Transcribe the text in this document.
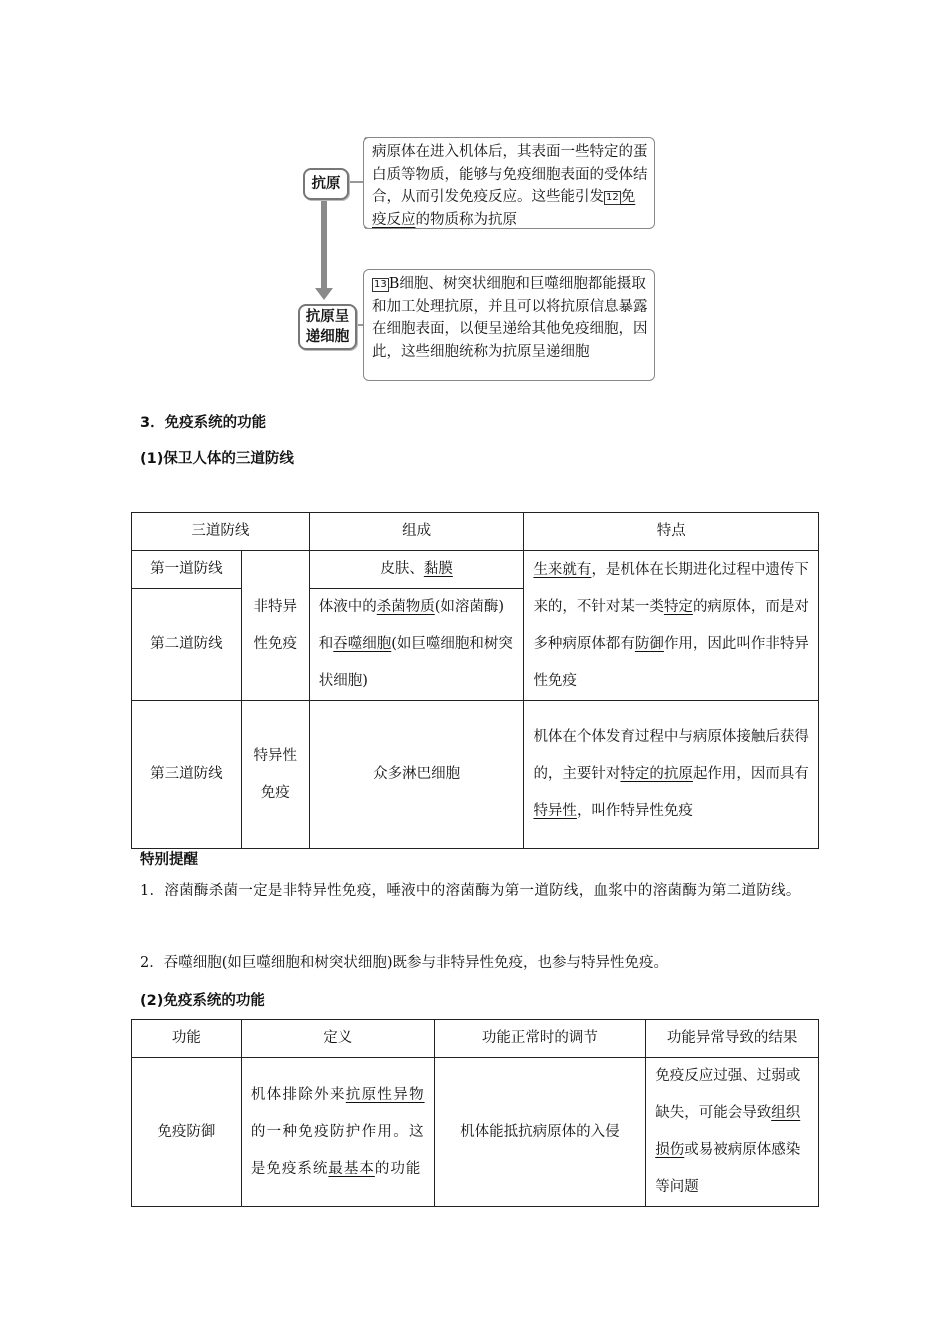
抗原
病原体在进入机体后，其表面一些特定的蛋白质等物质，能够与免疫细胞表面的受体结合，从而引发免疫反应。这些能引发 12 免疫反应的物质称为抗原
抗原呈
递细胞
13 B细胞、树突状细胞和巨噬细胞都能摄取和加工处理抗原，并且可以将抗原信息暴露在细胞表面，以便呈递给其他免疫细胞，因此，这些细胞统称为抗原呈递细胞
3．免疫系统的功能
(1)保卫人体的三道防线
三道防线		组成	特点
第一道防线	非特异性免疫	皮肤、黏膜	生来就有，是机体在长期进化过程中遗传下来的，不针对某一类特定的病原体，而是对多种病原体都有防御作用，因此叫作非特异性免疫
第二道防线		体液中的杀菌物质(如溶菌酶)和吞噬细胞(如巨噬细胞和树突状细胞)	
第三道防线	特异性免疫	众多淋巴细胞	机体在个体发育过程中与病原体接触后获得的，主要针对特定的抗原起作用，因而具有特异性，叫作特异性免疫
特别提醒
1．溶菌酶杀菌一定是非特异性免疫，唾液中的溶菌酶为第一道防线，血浆中的溶菌酶为第二道防线。
2．吞噬细胞(如巨噬细胞和树突状细胞)既参与非特异性免疫，也参与特异性免疫。
(2)免疫系统的功能
功能	定义	功能正常时的调节	功能异常导致的结果
免疫防御	机体排除外来抗原性异物的一种免疫防护作用。这是免疫系统最基本的功能	机体能抵抗病原体的入侵	免疫反应过强、过弱或缺失，可能会导致组织损伤或易被病原体感染等问题
